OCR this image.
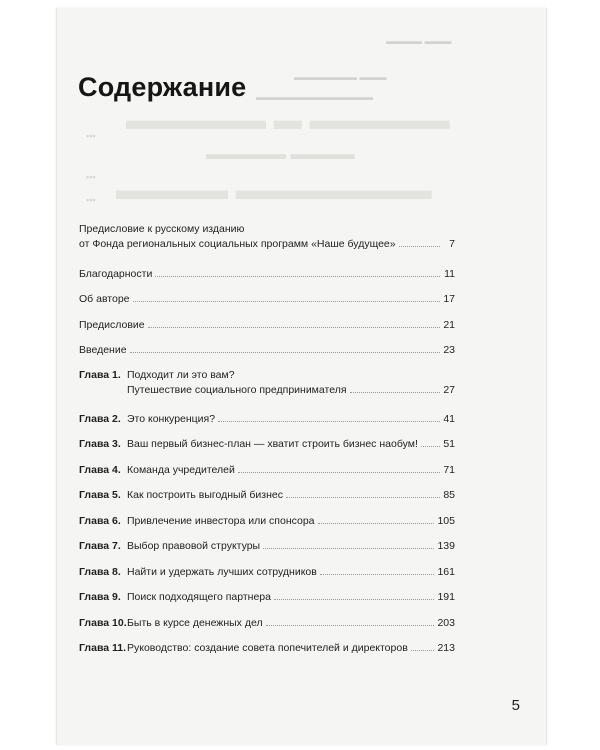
▬▬▬▬▬ ▬ ▬▬▬▬▬
▬▬▬▬▬▬▬ ▬▬▬▬
▬▬▬▬ ▬▬▬▬▬
▬▬▬ ▬▬▬▬
▬▬▬ ▬▬▬▬▬▬▬
▬▬▬▬▬▬▬▬▬▬▬▬▬
▪▪▪
▪▪▪
▪▪▪
Содержание
Предисловие к русскому изданию
от Фонда региональных социальных программ «Наше будущее»	7
Благодарности	11
Об авторе	17
Предисловие	21
Введение	23
Глава 1. Подходит ли это вам?
Путешествие социального предпринимателя	27
Глава 2. Это конкуренция?	41
Глава 3. Ваш первый бизнес-план — хватит строить бизнес наобум! 51
Глава 4. Команда учредителей	71
Глава 5. Как построить выгодный бизнес	85
Глава 6. Привлечение инвестора или спонсора	105
Глава 7. Выбор правовой структуры	139
Глава 8. Найти и удержать лучших сотрудников	161
Глава 9. Поиск подходящего партнера	191
Глава 10. Быть в курсе денежных дел	203
Глава 11. Руководство: создание совета попечителей и директоров	213
5
